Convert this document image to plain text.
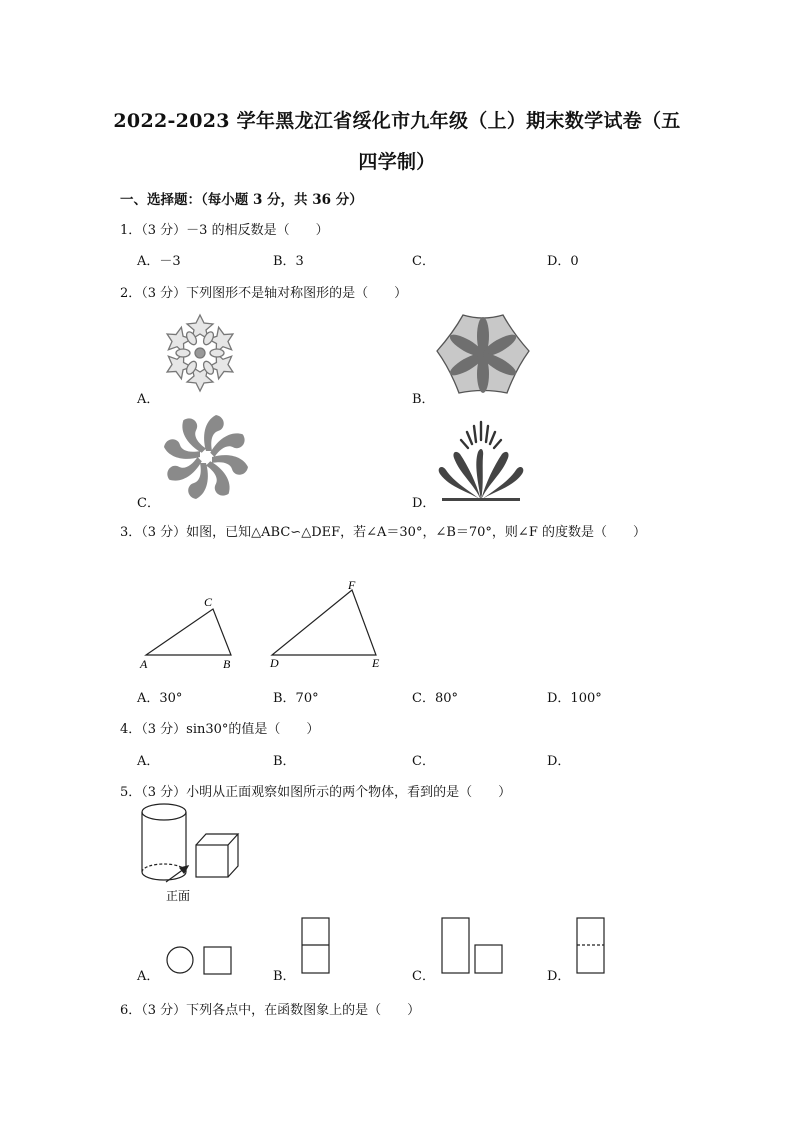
2022-2023 学年黑龙江省绥化市九年级（上）期末数学试卷（五
四学制）
一、选择题：（每小题 3 分，共 36 分）
1．（3 分）－3 的相反数是（　　）
A．－3	B．3	C．	D．0
2．（3 分）下列图形不是轴对称图形的是（　　）
A．	B．
C．	D．
3．（3 分）如图，已知△ABC∽△DEF，若∠A＝30°，∠B＝70°，则∠F 的度数是（　　）
A	B
C
D	E
F
A．30°	B．70°	C．80°	D．100°
4．（3 分）sin30°的值是（　　）
A．	B．	C．	D．
5．（3 分）小明从正面观察如图所示的两个物体，看到的是（　　）
正面
A．	B．	C．	D．
6．（3 分）下列各点中，在函数图象上的是（　　）
